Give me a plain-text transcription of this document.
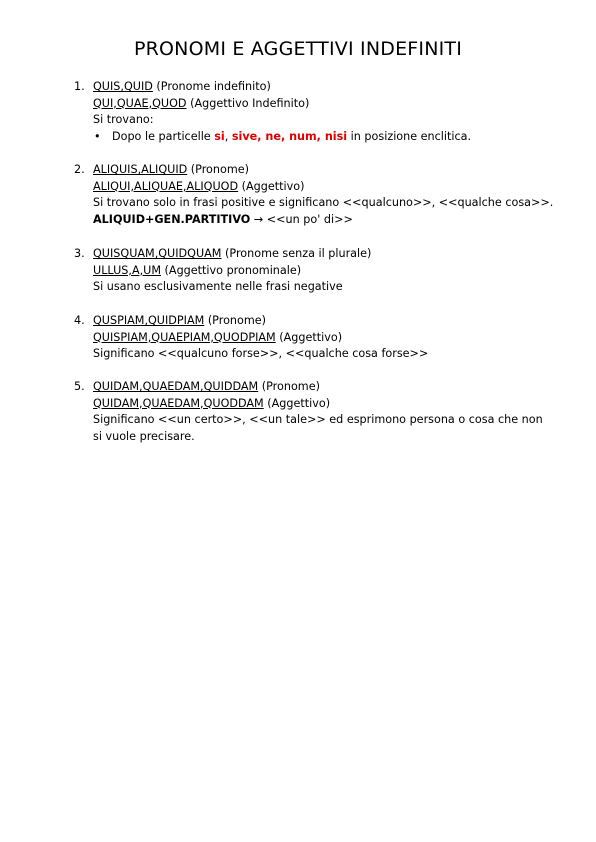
PRONOMI E AGGETTIVI INDEFINITI
1. QUIS,QUID (Pronome indefinito)
QUI,QUAE,QUOD (Aggettivo Indefinito)
Si trovano:
• Dopo le particelle si, sive, ne, num, nisi in posizione enclitica.
2. ALIQUIS,ALIQUID (Pronome)
ALIQUI,ALIQUAE,ALIQUOD (Aggettivo)
Si trovano solo in frasi positive e significano <<qualcuno>>, <<qualche cosa>>.
ALIQUID+GEN.PARTITIVO → <<un po' di>>
3. QUISQUAM,QUIDQUAM (Pronome senza il plurale)
ULLUS,A,UM (Aggettivo pronominale)
Si usano esclusivamente nelle frasi negative
4. QUSPIAM,QUIDPIAM (Pronome)
QUISPIAM,QUAEPIAM,QUODPIAM (Aggettivo)
Significano <<qualcuno forse>>, <<qualche cosa forse>>
5. QUIDAM,QUAEDAM,QUIDDAM (Pronome)
QUIDAM,QUAEDAM,QUODDAM (Aggettivo)
Significano <<un certo>>, <<un tale>> ed esprimono persona o cosa che non si vuole precisare.
